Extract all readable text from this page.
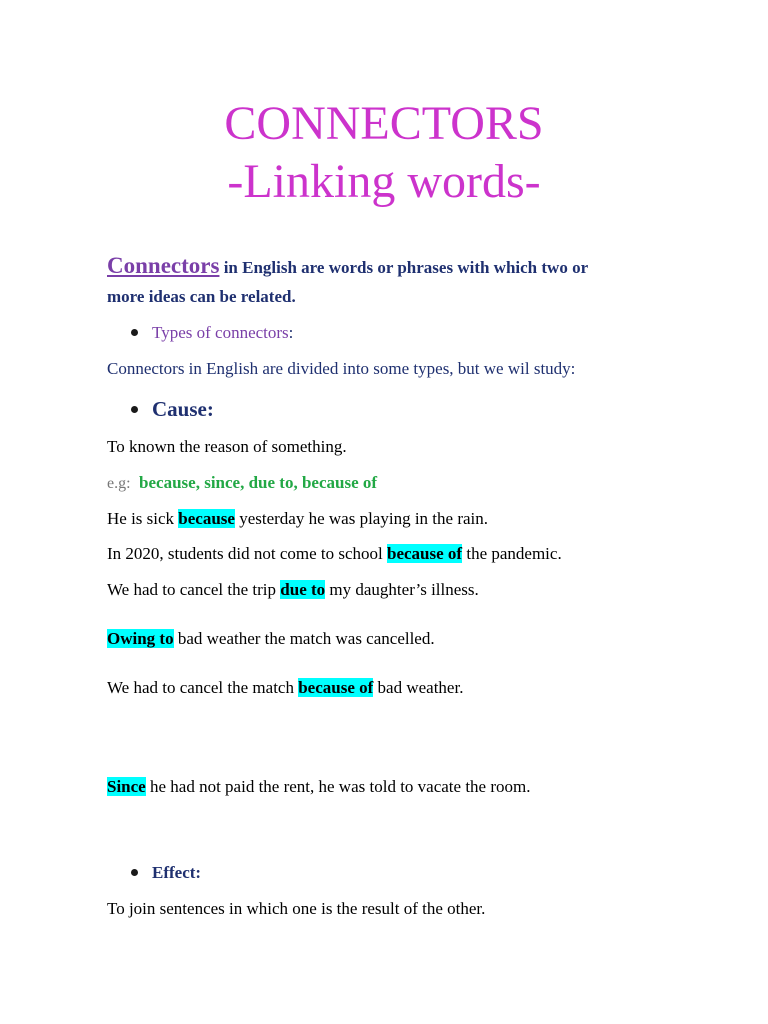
CONNECTORS
-Linking words-
Connectors in English are words or phrases with which two or
more ideas can be related.
Types of connectors:
Connectors in English are divided into some types, but we wil study:
Cause:
To known the reason of something.
e.g: because, since, due to, because of
He is sick because yesterday he was playing in the rain.
In 2020, students did not come to school because of the pandemic.
We had to cancel the trip due to my daughter’s illness.
Owing to bad weather the match was cancelled.
We had to cancel the match because of bad weather.
Since he had not paid the rent, he was told to vacate the room.
Effect:
To join sentences in which one is the result of the other.
